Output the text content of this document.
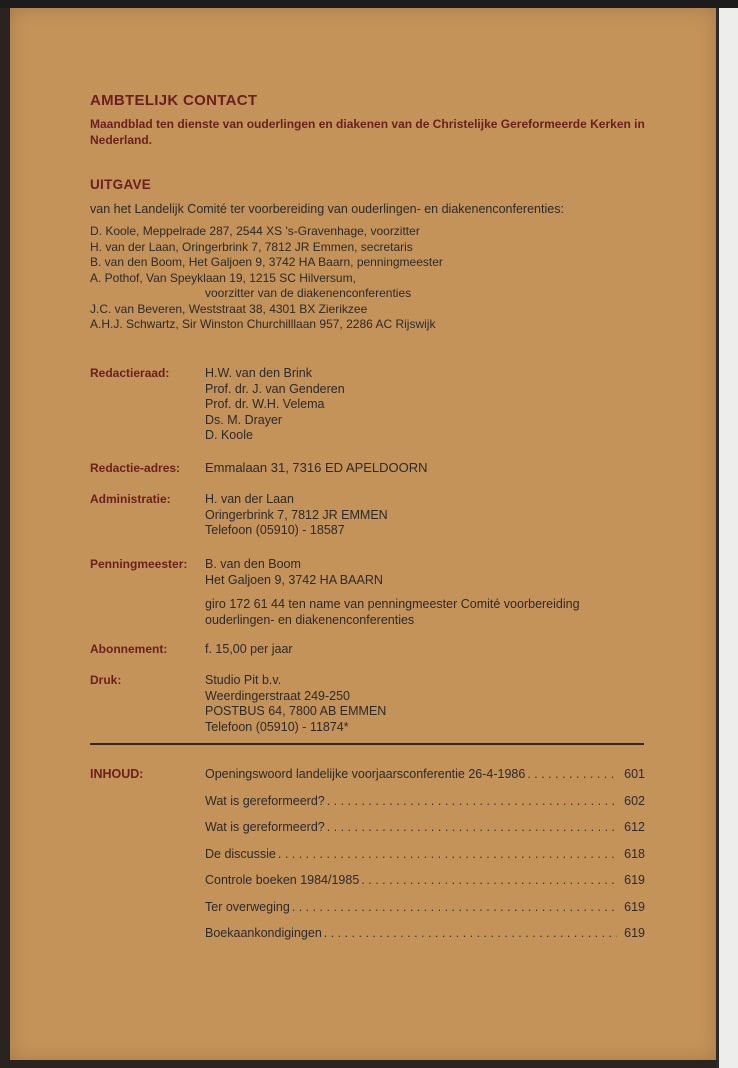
AMBTELIJK CONTACT
Maandblad ten dienste van ouderlingen en diakenen van de Christelijke Gereformeerde Kerken in Nederland.
UITGAVE
van het Landelijk Comité ter voorbereiding van ouderlingen- en diakenenconferenties:
D. Koole, Meppelrade 287, 2544 XS 's-Gravenhage, voorzitter
H. van der Laan, Oringerbrink 7, 7812 JR Emmen, secretaris
B. van den Boom, Het Galjoen 9, 3742 HA Baarn, penningmeester
A. Pothof, Van Speyklaan 19, 1215 SC Hilversum,
voorzitter van de diakenenconferenties
J.C. van Beveren, Weststraat 38, 4301 BX Zierikzee
A.H.J. Schwartz, Sir Winston Churchilllaan 957, 2286 AC Rijswijk
Redactieraad:	H.W. van den Brink
Prof. dr. J. van Genderen
Prof. dr. W.H. Velema
Ds. M. Drayer
D. Koole
Redactie-adres:	Emmalaan 31, 7316 ED APELDOORN
Administratie:	H. van der Laan
Oringerbrink 7, 7812 JR EMMEN
Telefoon (05910) - 18587
Penningmeester:	B. van den Boom
Het Galjoen 9, 3742 HA BAARN
giro 172 61 44 ten name van penningmeester Comité voorbereiding ouderlingen- en diakenenconferenties
Abonnement:	f. 15,00 per jaar
Druk:	Studio Pit b.v.
Weerdingerstraat 249-250
POSTBUS 64, 7800 AB EMMEN
Telefoon (05910) - 11874*
INHOUD:	Openingswoord landelijke voorjaarsconferentie 26-4-1986 . . .	601
Wat is gereformeerd? . . .	602
Wat is gereformeerd? . . .	612
De discussie . . .	618
Controle boeken 1984/1985 . . .	619
Ter overweging . . .	619
Boekaankondigingen . . .	619
